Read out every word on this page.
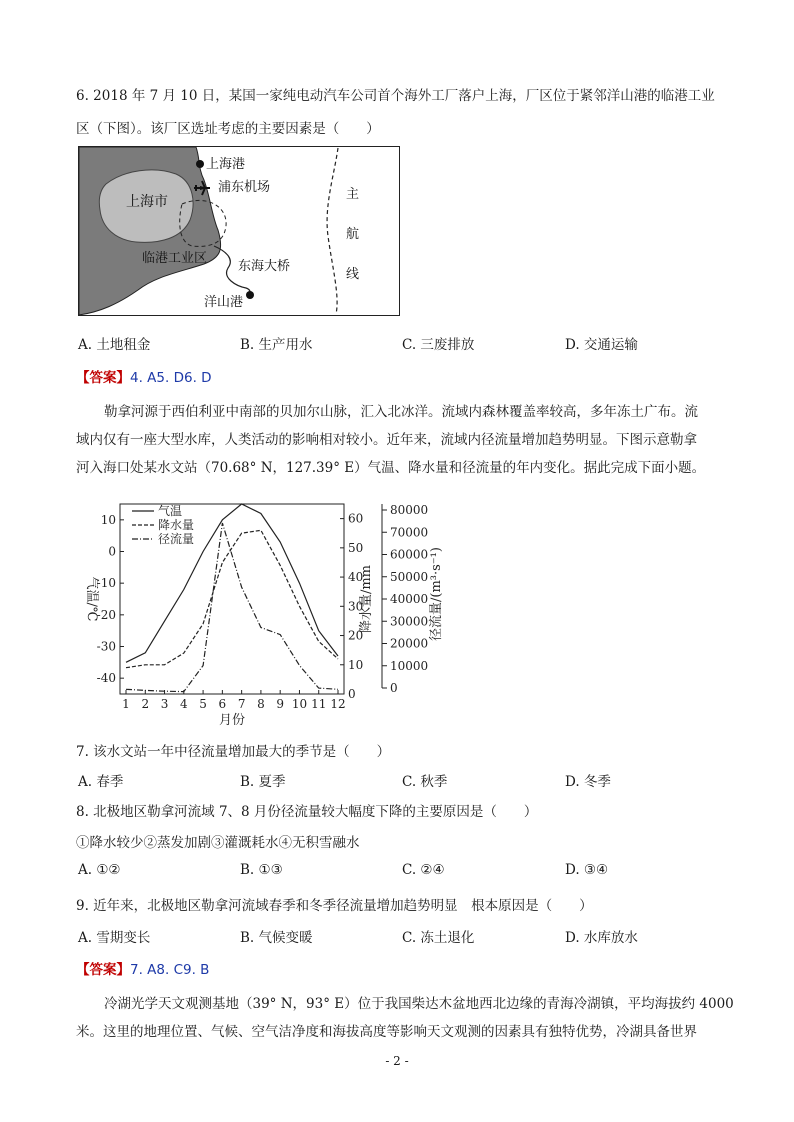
6. 2018 年 7 月 10 日，某国一家纯电动汽车公司首个海外工厂落户上海，厂区位于紧邻洋山港的临港工业
区（下图）。该厂区选址考虑的主要因素是（　　）
上海港
浦东机场
上海市
临港工业区
东海大桥
洋山港
主
航
线
A. 土地租金	B. 生产用水	C. 三废排放	D. 交通运输
【答案】4. A5. D6. D
勒拿河源于西伯利亚中南部的贝加尔山脉，汇入北冰洋。流域内森林覆盖率较高，多年冻土广布。流
域内仅有一座大型水库，人类活动的影响相对较小。近年来，流域内径流量增加趋势明显。下图示意勒拿
河入海口处某水文站（70.68° N，127.39° E）气温、降水量和径流量的年内变化。据此完成下面小题。
1 2 3 4 5 6 7 8 9 10 11 12
10
0
-10
-20
-30
-40
60
50
40
30
20
10
0
80000
70000
60000
50000
40000
30000
20000
10000
0
气温
降水量
径流量
气温/℃	降水量/mm	径流量/(m³·s⁻¹)
月份
7. 该水文站一年中径流量增加最大的季节是（　　）
A. 春季	B. 夏季	C. 秋季	D. 冬季
8. 北极地区勒拿河流域 7、8 月份径流量较大幅度下降的主要原因是（　　）
①降水较少②蒸发加剧③灌溉耗水④无积雪融水
A. ①②	B. ①③	C. ②④	D. ③④
9. 近年来，北极地区勒拿河流域春季和冬季径流量增加趋势明显　根本原因是（　　）
A. 雪期变长	B. 气候变暖	C. 冻土退化	D. 水库放水
【答案】7. A8. C9. B
冷湖光学天文观测基地（39° N，93° E）位于我国柴达木盆地西北边缘的青海冷湖镇，平均海拔约 4000
米。这里的地理位置、气候、空气洁净度和海拔高度等影响天文观测的因素具有独特优势，冷湖具备世界
- 2 -
